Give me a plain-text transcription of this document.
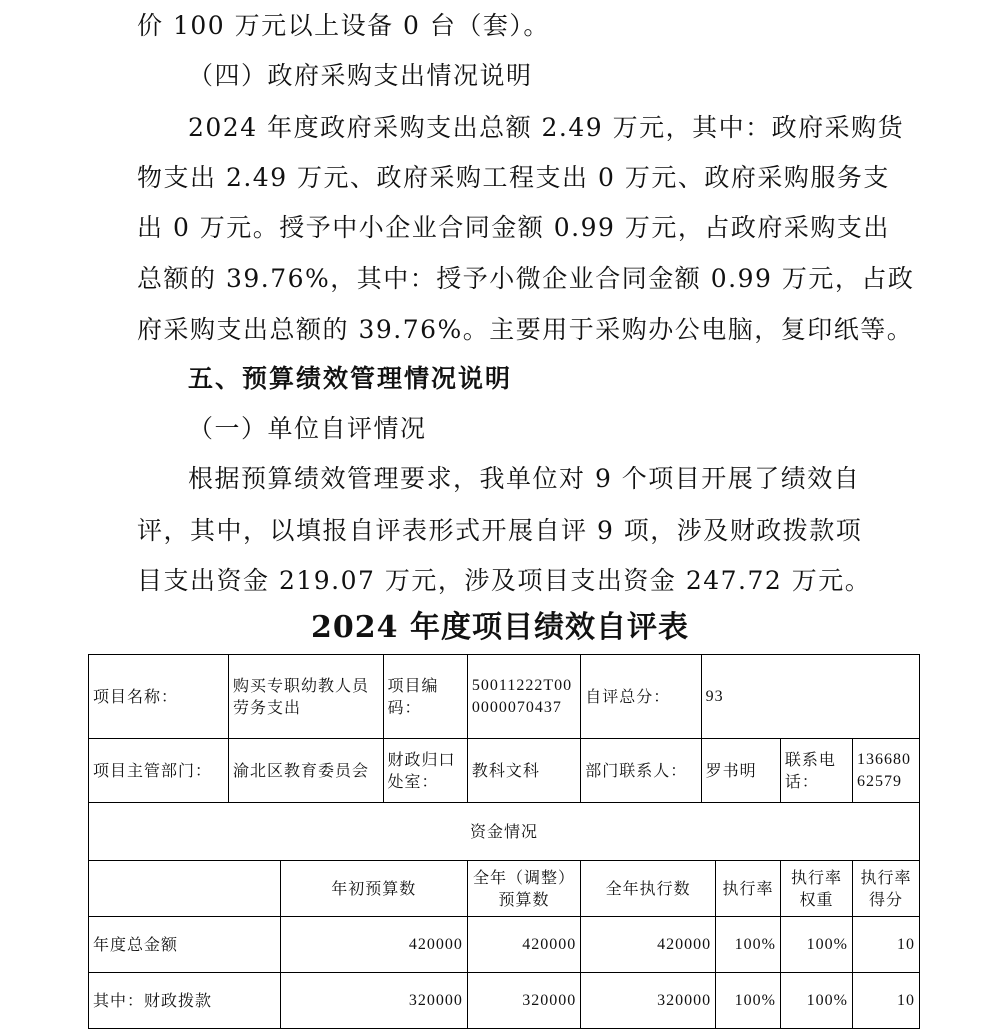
价 100 万元以上设备 0 台（套）。
（四）政府采购支出情况说明
2024 年度政府采购支出总额 2.49 万元，其中：政府采购货
物支出 2.49 万元、政府采购工程支出 0 万元、政府采购服务支
出 0 万元。授予中小企业合同金额 0.99 万元，占政府采购支出
总额的 39.76%，其中：授予小微企业合同金额 0.99 万元，占政
府采购支出总额的 39.76%。主要用于采购办公电脑，复印纸等。
五、预算绩效管理情况说明
（一）单位自评情况
根据预算绩效管理要求，我单位对 9 个项目开展了绩效自
评，其中，以填报自评表形式开展自评 9 项，涉及财政拨款项
目支出资金 219.07 万元，涉及项目支出资金 247.72 万元。
2024 年度项目绩效自评表
项目名称：	购买专职幼教人员劳务支出		项目编码：	50011222T000000070437	自评总分：	93			
项目主管部门：	渝北区教育委员会		财政归口处室：	教科文科	部门联系人：	罗书明		联系电话：	13668062579
资金情况									
		年初预算数		全年（调整）预算数	全年执行数		执行率	执行率权重	执行率得分
年度总金额		420000		420000	420000		100%	100%	10
其中：财政拨款		320000		320000	320000		100%	100%	10
